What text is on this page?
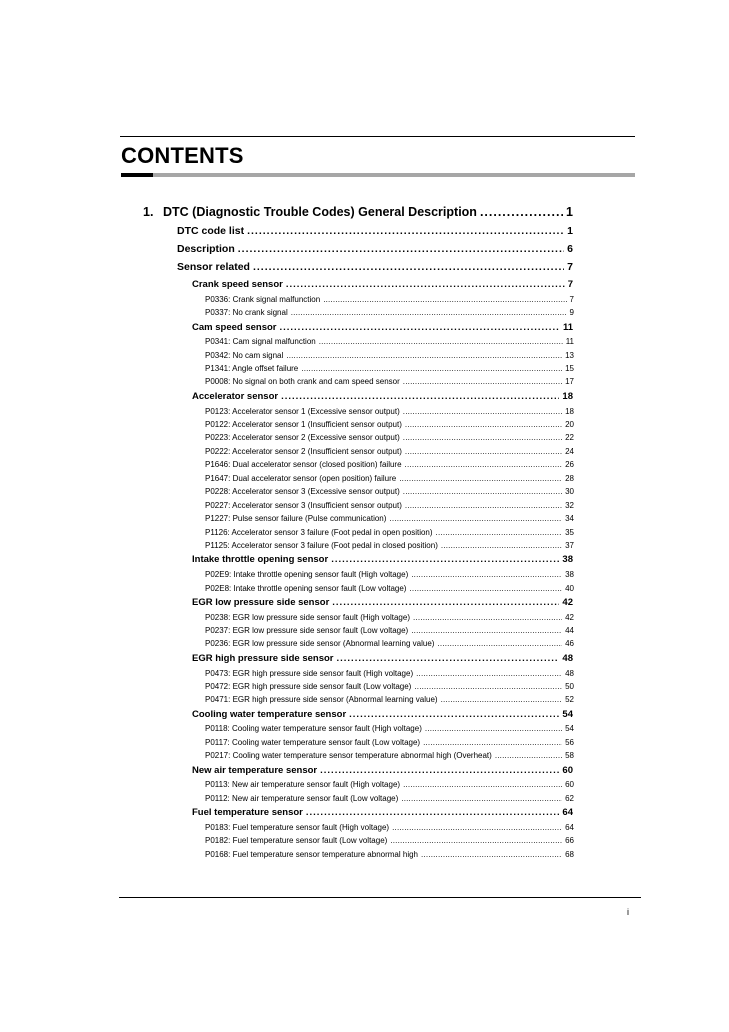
CONTENTS
1. DTC (Diagnostic Trouble Codes) General Description .....	1
DTC code list .....	1
Description .....	6
Sensor related .....	7
Crank speed sensor .....	7
P0336: Crank signal malfunction .....	7
P0337: No crank signal .....	9
Cam speed sensor .....	11
P0341: Cam signal malfunction .....	11
P0342: No cam signal .....	13
P1341: Angle offset failure .....	15
P0008: No signal on both crank and cam speed sensor .....	17
Accelerator sensor .....	18
P0123: Accelerator sensor 1 (Excessive sensor output) .....	18
P0122: Accelerator sensor 1 (Insufficient sensor output) .....	20
P0223: Accelerator sensor 2 (Excessive sensor output) .....	22
P0222: Accelerator sensor 2 (Insufficient sensor output) .....	24
P1646: Dual accelerator sensor (closed position) failure .....	26
P1647: Dual accelerator sensor (open position) failure .....	28
P0228: Accelerator sensor 3 (Excessive sensor output) .....	30
P0227: Accelerator sensor 3 (Insufficient sensor output) .....	32
P1227: Pulse sensor failure (Pulse communication) .....	34
P1126: Accelerator sensor 3 failure (Foot pedal in open position) .....	35
P1125: Accelerator sensor 3 failure (Foot pedal in closed position) .....	37
Intake throttle opening sensor .....	38
P02E9: Intake throttle opening sensor fault (High voltage) .....	38
P02E8: Intake throttle opening sensor fault (Low voltage) .....	40
EGR low pressure side sensor .....	42
P0238: EGR low pressure side sensor fault (High voltage) .....	42
P0237: EGR low pressure side sensor fault (Low voltage) .....	44
P0236: EGR low pressure side sensor (Abnormal learning value) .....	46
EGR high pressure side sensor .....	48
P0473: EGR high pressure side sensor fault (High voltage) .....	48
P0472: EGR high pressure side sensor fault (Low voltage) .....	50
P0471: EGR high pressure side sensor (Abnormal learning value) .....	52
Cooling water temperature sensor .....	54
P0118: Cooling water temperature sensor fault (High voltage) .....	54
P0117: Cooling water temperature sensor fault (Low voltage) .....	56
P0217: Cooling water temperature sensor temperature abnormal high (Overheat) .....	58
New air temperature sensor .....	60
P0113: New air temperature sensor fault (High voltage) .....	60
P0112: New air temperature sensor fault (Low voltage) .....	62
Fuel temperature sensor .....	64
P0183: Fuel temperature sensor fault (High voltage) .....	64
P0182: Fuel temperature sensor fault (Low voltage) .....	66
P0168: Fuel temperature sensor temperature abnormal high .....	68
i
